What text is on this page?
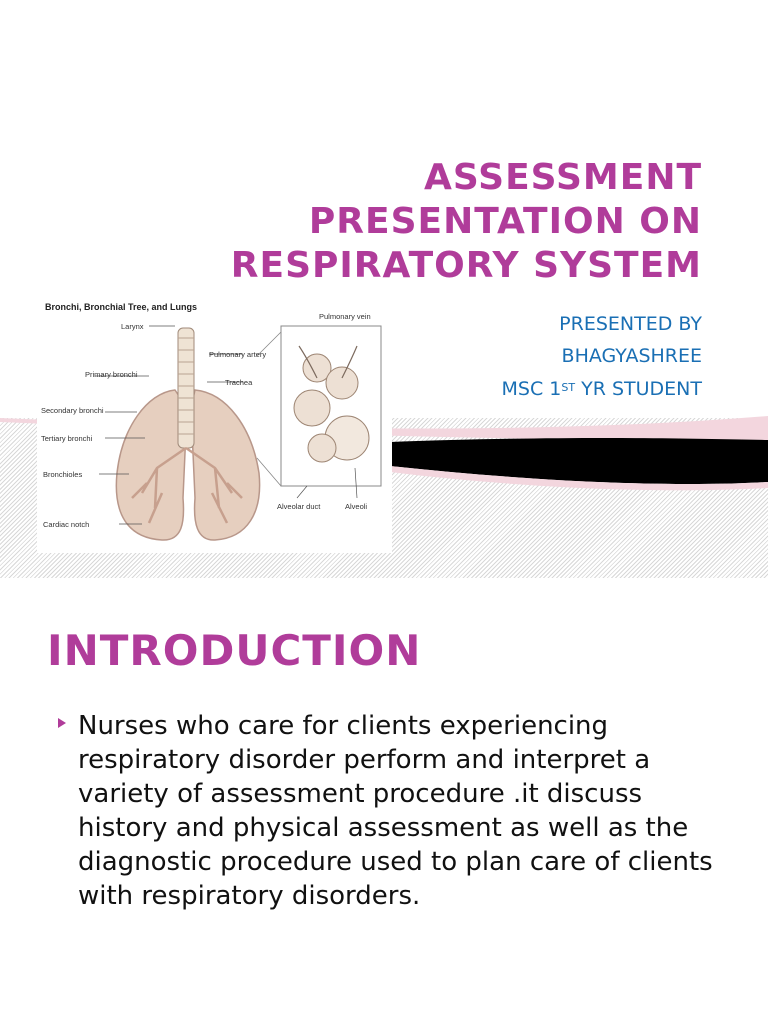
ASSESSMENT
PRESENTATION ON
RESPIRATORY SYSTEM
PRESENTED BY
BHAGYASHREE
MSC 1ST YR STUDENT
Bronchi, Bronchial Tree, and Lungs
Larynx
Pulmonary vein
Pulmonary artery
Trachea
Primary bronchi
Secondary bronchi
Tertiary bronchi
Bronchioles
Cardiac notch
Alveolar duct	Alveoli
INTRODUCTION
Nurses who care for clients experiencing respiratory disorder perform and interpret a variety of assessment procedure .it discuss history and physical assessment as well as the diagnostic procedure used to plan care of clients with respiratory disorders.
